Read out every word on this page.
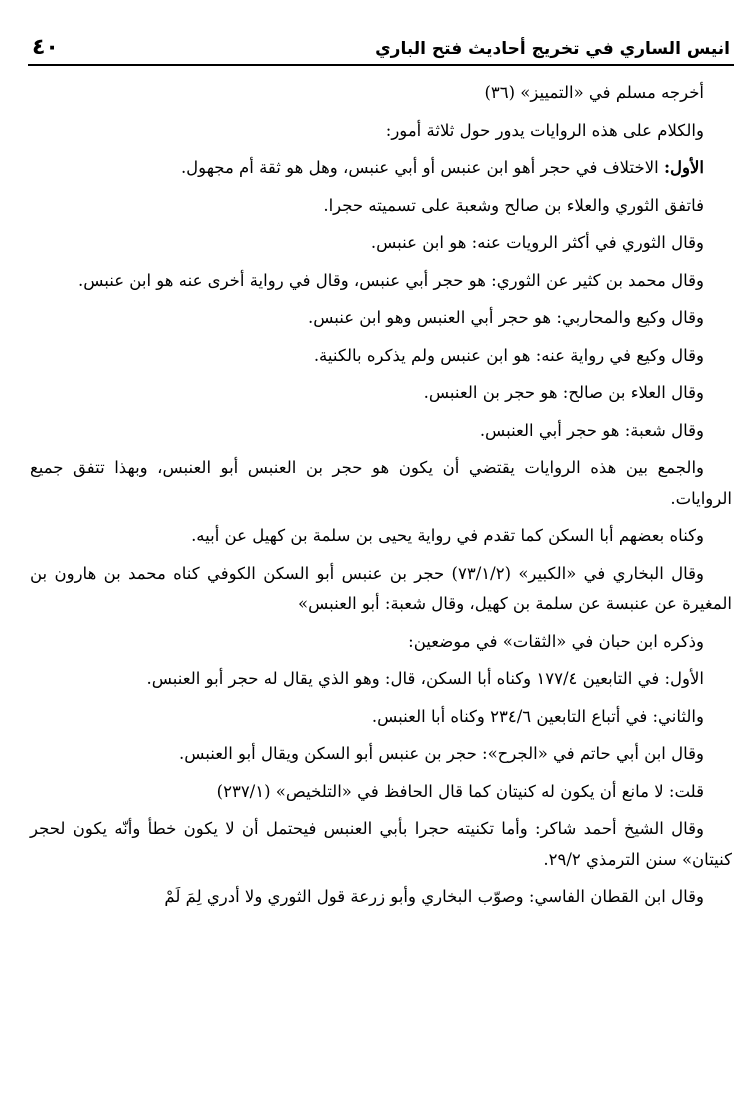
انيس الساري في تخريج أحاديث فتح الباري
٤٠

أخرجه مسلم في «التمييز» (٣٦)

والكلام على هذه الروايات يدور حول ثلاثة أمور:

الأول: الاختلاف في حجر أهو ابن عنبس أو أبي عنبس، وهل هو ثقة أم مجهول.

فاتفق الثوري والعلاء بن صالح وشعبة على تسميته حجرا.

وقال الثوري في أكثر الرويات عنه: هو ابن عنبس.

وقال محمد بن كثير عن الثوري: هو حجر أبي عنبس، وقال في رواية أخرى عنه هو ابن عنبس.

وقال وكيع والمحاربي: هو حجر أبي العنبس وهو ابن عنبس.

وقال وكيع في رواية عنه: هو ابن عنبس ولم يذكره بالكنية.

وقال العلاء بن صالح: هو حجر بن العنبس.

وقال شعبة: هو حجر أبي العنبس.

والجمع بين هذه الروايات يقتضي أن يكون هو حجر بن العنبس أبو العنبس، وبهذا تتفق جميع الروايات.

وكناه بعضهم أبا السكن كما تقدم في رواية يحيى بن سلمة بن كهيل عن أبيه.

وقال البخاري في «الكبير» (٧٣/١/٢) حجر بن عنبس أبو السكن الكوفي كناه محمد بن هارون بن المغيرة عن عنبسة عن سلمة بن كهيل، وقال شعبة: أبو العنبس»

وذكره ابن حبان في «الثقات» في موضعين:

الأول: في التابعين ١٧٧/٤ وكناه أبا السكن، قال: وهو الذي يقال له حجر أبو العنبس.

والثاني: في أتباع التابعين ٢٣٤/٦ وكناه أبا العنبس.

وقال ابن أبي حاتم في «الجرح»: حجر بن عنبس أبو السكن ويقال أبو العنبس.

قلت: لا مانع أن يكون له كنيتان كما قال الحافظ في «التلخيص» (٢٣٧/١)

وقال الشيخ أحمد شاكر: وأما تكنيته حجرا بأبي العنبس فيحتمل أن لا يكون خطأ وأنّه يكون لحجر كنيتان» سنن الترمذي ٢٩/٢.

وقال ابن القطان الفاسي: وصوّب البخاري وأبو زرعة قول الثوري ولا أدري لِمَ لَمْ
